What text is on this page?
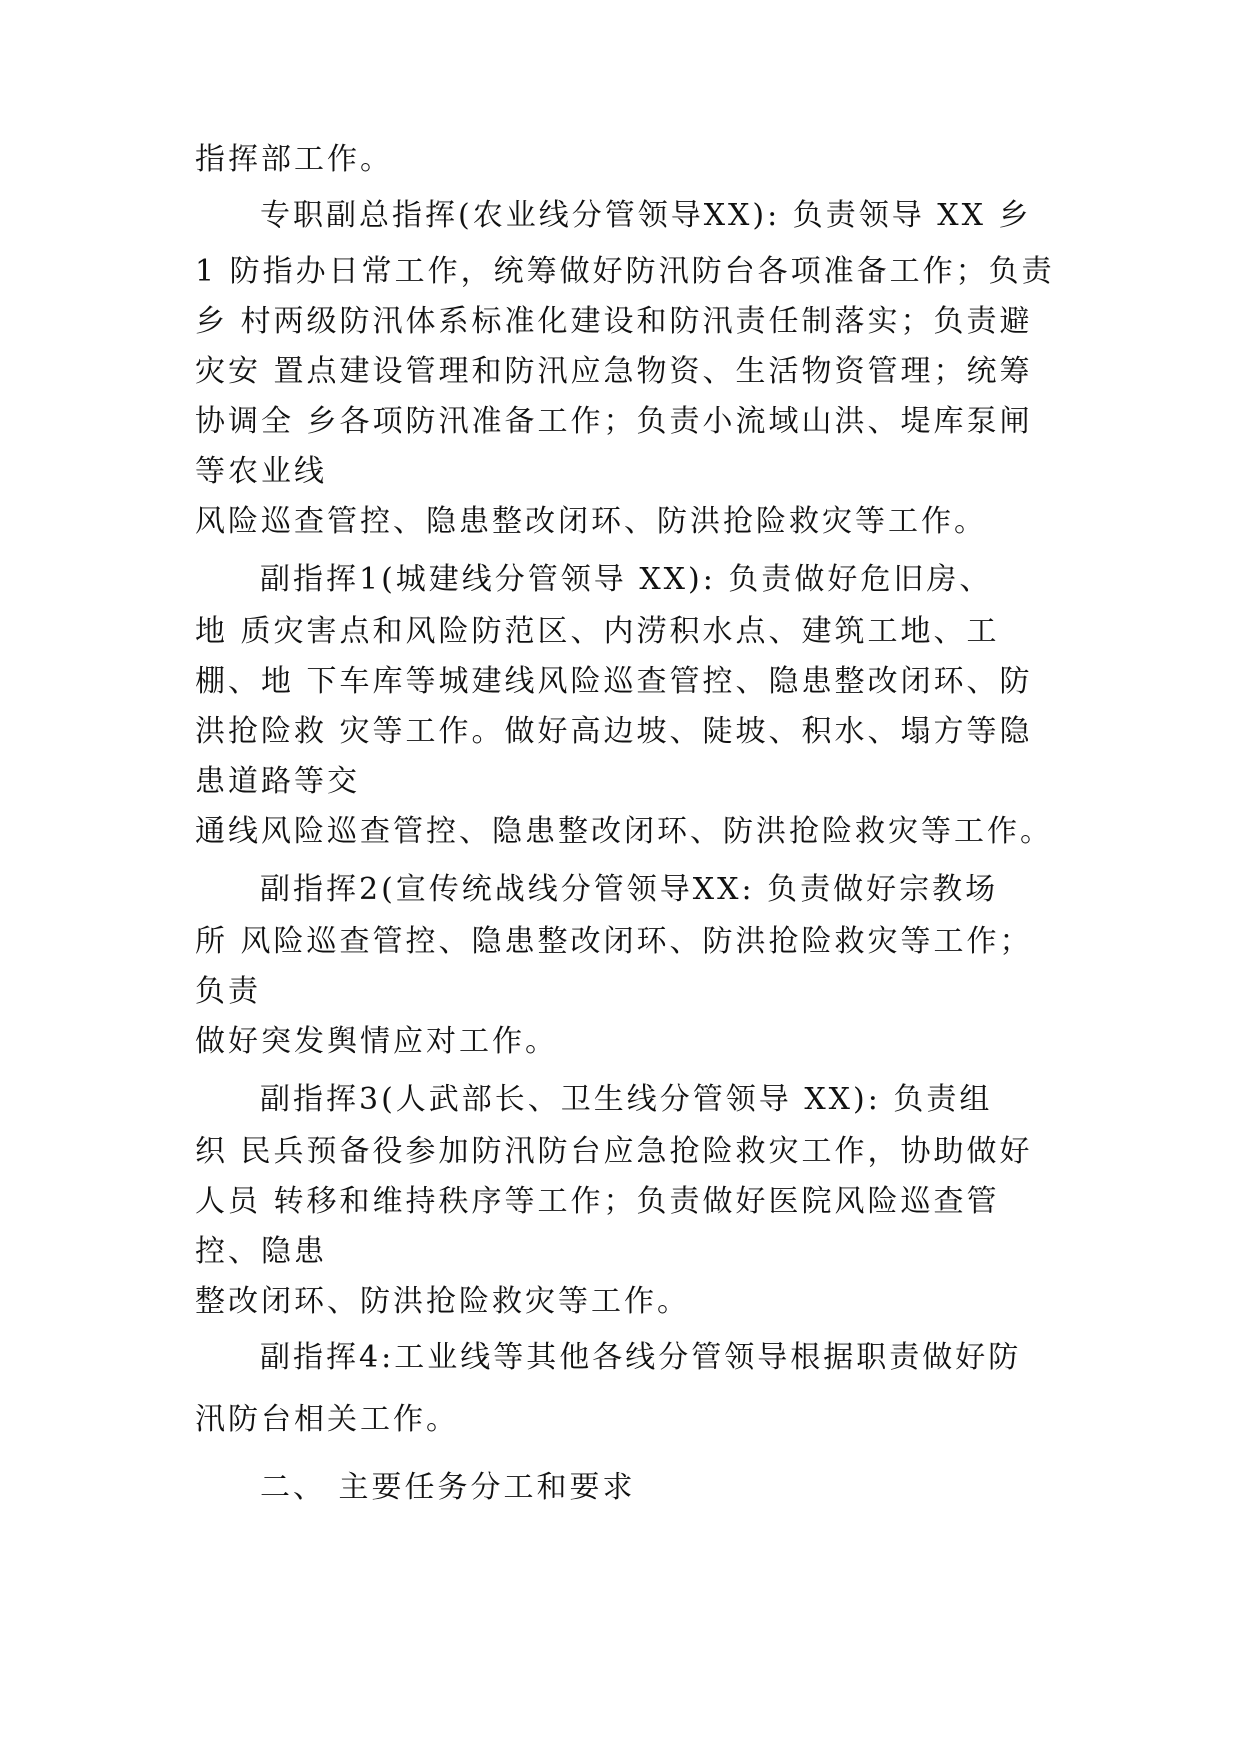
指挥部工作。
专职副总指挥(农业线分管领导XX): 负责领导 XX 乡
1 防指办日常工作，统筹做好防汛防台各项准备工作；负责
乡 村两级防汛体系标准化建设和防汛责任制落实；负责避
灾安 置点建设管理和防汛应急物资、生活物资管理；统筹
协调全 乡各项防汛准备工作；负责小流域山洪、堤库泵闸
等农业线
风险巡查管控、隐患整改闭环、防洪抢险救灾等工作。
副指挥1(城建线分管领导 XX): 负责做好危旧房、
地 质灾害点和风险防范区、内涝积水点、建筑工地、工
棚、地 下车库等城建线风险巡查管控、隐患整改闭环、防
洪抢险救 灾等工作。做好高边坡、陡坡、积水、塌方等隐
患道路等交
通线风险巡查管控、隐患整改闭环、防洪抢险救灾等工作。
副指挥2(宣传统战线分管领导XX: 负责做好宗教场
所 风险巡查管控、隐患整改闭环、防洪抢险救灾等工作；
负责
做好突发舆情应对工作。
副指挥3(人武部长、卫生线分管领导 XX): 负责组
织 民兵预备役参加防汛防台应急抢险救灾工作，协助做好
人员 转移和维持秩序等工作；负责做好医院风险巡查管
控、隐患
整改闭环、防洪抢险救灾等工作。
副指挥4:工业线等其他各线分管领导根据职责做好防
汛防台相关工作。
二、 主要任务分工和要求
